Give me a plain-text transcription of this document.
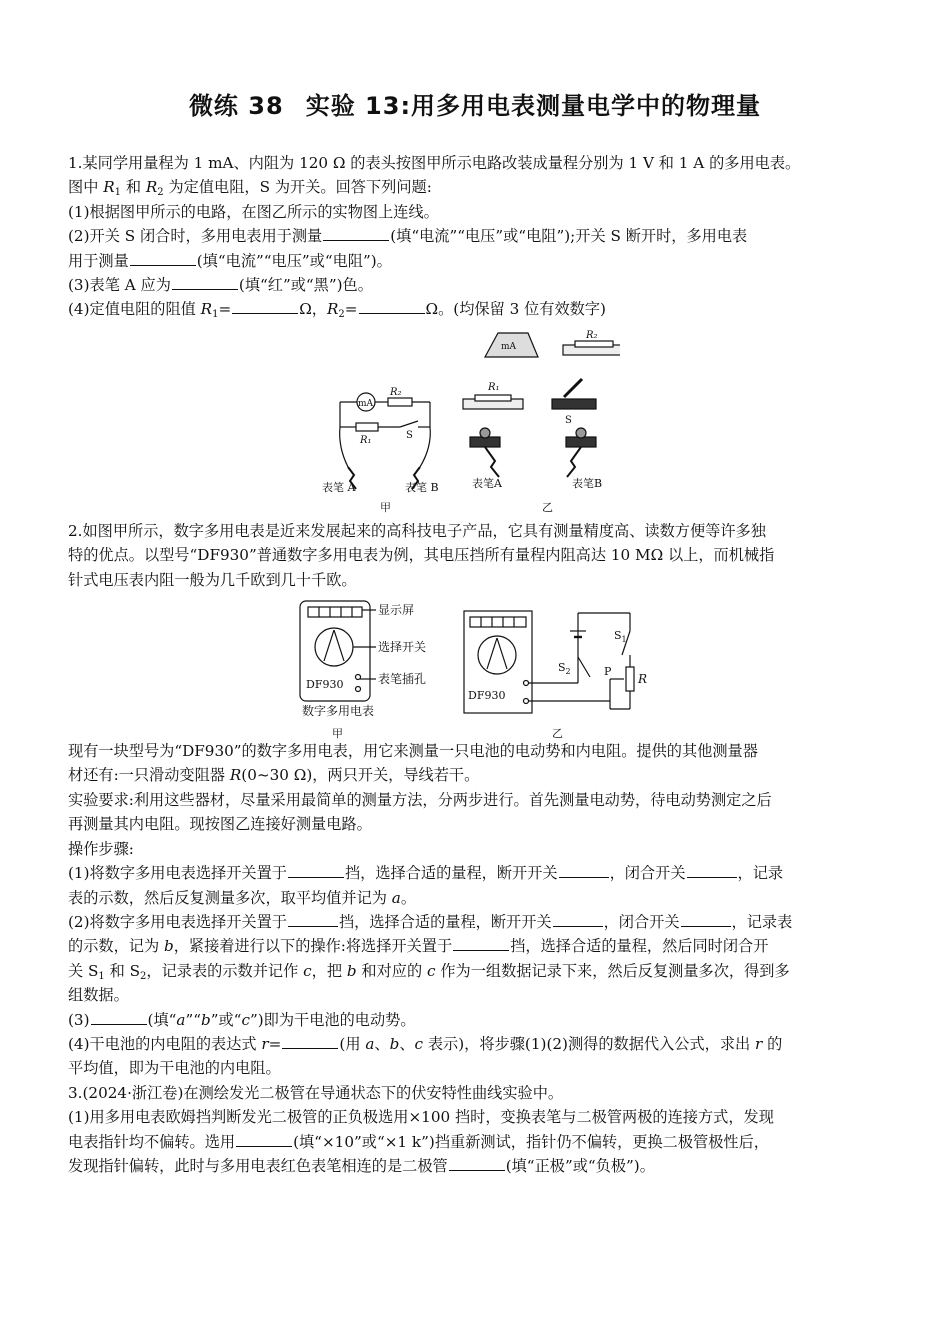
微练 38 实验 13:用多用电表测量电学中的物理量
1.某同学用量程为 1 mA、内阻为 120 Ω 的表头按图甲所示电路改装成量程分别为 1 V 和 1 A 的多用电表。
图中 $R_1$ 和 $R_2$ 为定值电阻，S 为开关。回答下列问题:
(1)根据图甲所示的电路，在图乙所示的实物图上连线。
(2)开关 S 闭合时，多用电表用于测量	(填“电流”“电压”或“电阻”);开关 S 断开时，多用电表
用于测量	(填“电流”“电压”或“电阻”)。
(3)表笔 A 应为	(填“红”或“黑”)色。
(4)定值电阻的阻值 $R_1=$	Ω，$R_2=$	Ω。(均保留 3 位有效数字)
2.如图甲所示，数字多用电表是近来发展起来的高科技电子产品，它具有测量精度高、读数方便等许多独
特的优点。以型号“DF930”普通数字多用电表为例，其电压挡所有量程内阻高达 10 MΩ 以上，而机械指
针式电压表内阻一般为几千欧到几十千欧。
现有一块型号为“DF930”的数字多用电表，用它来测量一只电池的电动势和内电阻。提供的其他测量器
材还有:一只滑动变阻器 R(0~30 Ω)，两只开关，导线若干。
实验要求:利用这些器材，尽量采用最简单的测量方法，分两步进行。首先测量电动势，待电动势测定之后
再测量其内电阻。现按图乙连接好测量电路。
操作步骤:
(1)将数字多用电表选择开关置于	挡，选择合适的量程，断开开关	，闭合开关	，记录
表的示数，然后反复测量多次，取平均值并记为 a。
(2)将数字多用电表选择开关置于	挡，选择合适的量程，断开开关	，闭合开关	，记录表
的示数，记为 b，紧接着进行以下的操作:将选择开关置于	挡，选择合适的量程，然后同时闭合开
关 $S_1$ 和 $S_2$，记录表的示数并记作 c，把 b 和对应的 c 作为一组数据记录下来，然后反复测量多次，得到多
组数据。
(3)	(填“a”“b”或“c”)即为干电池的电动势。
(4)干电池的内电阻的表达式 r=	(用 a、b、c 表示)，将步骤(1)(2)测得的数据代入公式，求出 r 的
平均值，即为干电池的内电阻。
3.(2024·浙江卷)在测绘发光二极管在导通状态下的伏安特性曲线实验中。
(1)用多用电表欧姆挡判断发光二极管的正负极选用×100 挡时，变换表笔与二极管两极的连接方式，发现
电表指针均不偏转。选用	(填“×10”或“×1 k”)挡重新测试，指针仍不偏转，更换二极管极性后，
发现指针偏转，此时与多用电表红色表笔相连的是二极管	(填“正极”或“负极”)。
mA
R₂
R₁	S
表笔 A	表笔 B
甲
mA
R₂
R₁
S
表笔A	表笔B
乙
DF930
显示屏
选择开关
表笔插孔
数字多用电表
甲
DF930
$S_1$
$S_2$
R
P
乙
